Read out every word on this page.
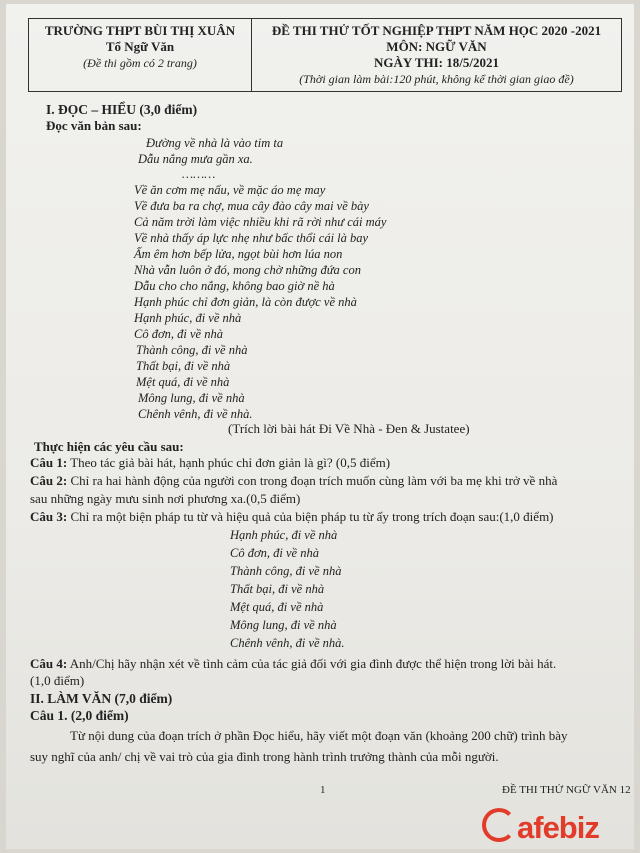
TRƯỜNG THPT BÙI THỊ XUÂN
Tổ Ngữ Văn
(Đề thi gồm có 2 trang)
ĐỀ THI THỬ TỐT NGHIỆP THPT NĂM HỌC 2020 -2021
MÔN: NGỮ VĂN
NGÀY THI: 18/5/2021
(Thời gian làm bài:120 phút, không kể thời gian giao đề)
I. ĐỌC – HIỂU (3,0 điểm)
Đọc văn bản sau:
Đường về nhà là vào tim ta
Dẫu nắng mưa gần xa.
………
Về ăn cơm mẹ nấu, về mặc áo mẹ may
Về đưa ba ra chợ, mua cây đào cây mai về bày
Cả năm trời làm việc nhiều khi rã rời như cái máy
Về nhà thấy áp lực nhẹ như bấc thổi cái là bay
Ấm êm hơn bếp lửa, ngọt bùi hơn lúa non
Nhà vẫn luôn ở đó, mong chờ những đứa con
Dẫu cho cho nắng, không bao giờ nề hà
Hạnh phúc chỉ đơn giản, là còn được về nhà
Hạnh phúc, đi về nhà
Cô đơn, đi về nhà
Thành công, đi về nhà
Thất bại, đi về nhà
Mệt quá, đi về nhà
Mông lung, đi về nhà
Chênh vênh, đi về nhà.
(Trích lời bài hát Đi Về Nhà - Đen & Justatee)
Thực hiện các yêu cầu sau:
Câu 1: Theo tác giả bài hát, hạnh phúc chỉ đơn giản là gì? (0,5 điểm)
Câu 2: Chỉ ra hai hành động của người con trong đoạn trích muốn cùng làm với ba mẹ khi trở về nhà
sau những ngày mưu sinh nơi phương xa.(0,5 điểm)
Câu 3: Chỉ ra một biện pháp tu từ và hiệu quả của biện pháp tu từ ấy trong trích đoạn sau:(1,0 điểm)
Hạnh phúc, đi về nhà
Cô đơn, đi về nhà
Thành công, đi về nhà
Thất bại, đi về nhà
Mệt quá, đi về nhà
Mông lung, đi về nhà
Chênh vênh, đi về nhà.
Câu 4: Anh/Chị hãy nhận xét về tình cảm của tác giả đối với gia đình được thể hiện trong lời bài hát.
(1,0 điểm)
II. LÀM VĂN (7,0 điểm)
Câu 1. (2,0 điểm)
Từ nội dung của đoạn trích ở phần Đọc hiểu, hãy viết một đoạn văn (khoảng 200 chữ) trình bày
suy nghĩ của anh/ chị về vai trò của gia đình trong hành trình trưởng thành của mỗi người.
1	ĐỀ THI THỬ NGỮ VĂN 12
afebiz
